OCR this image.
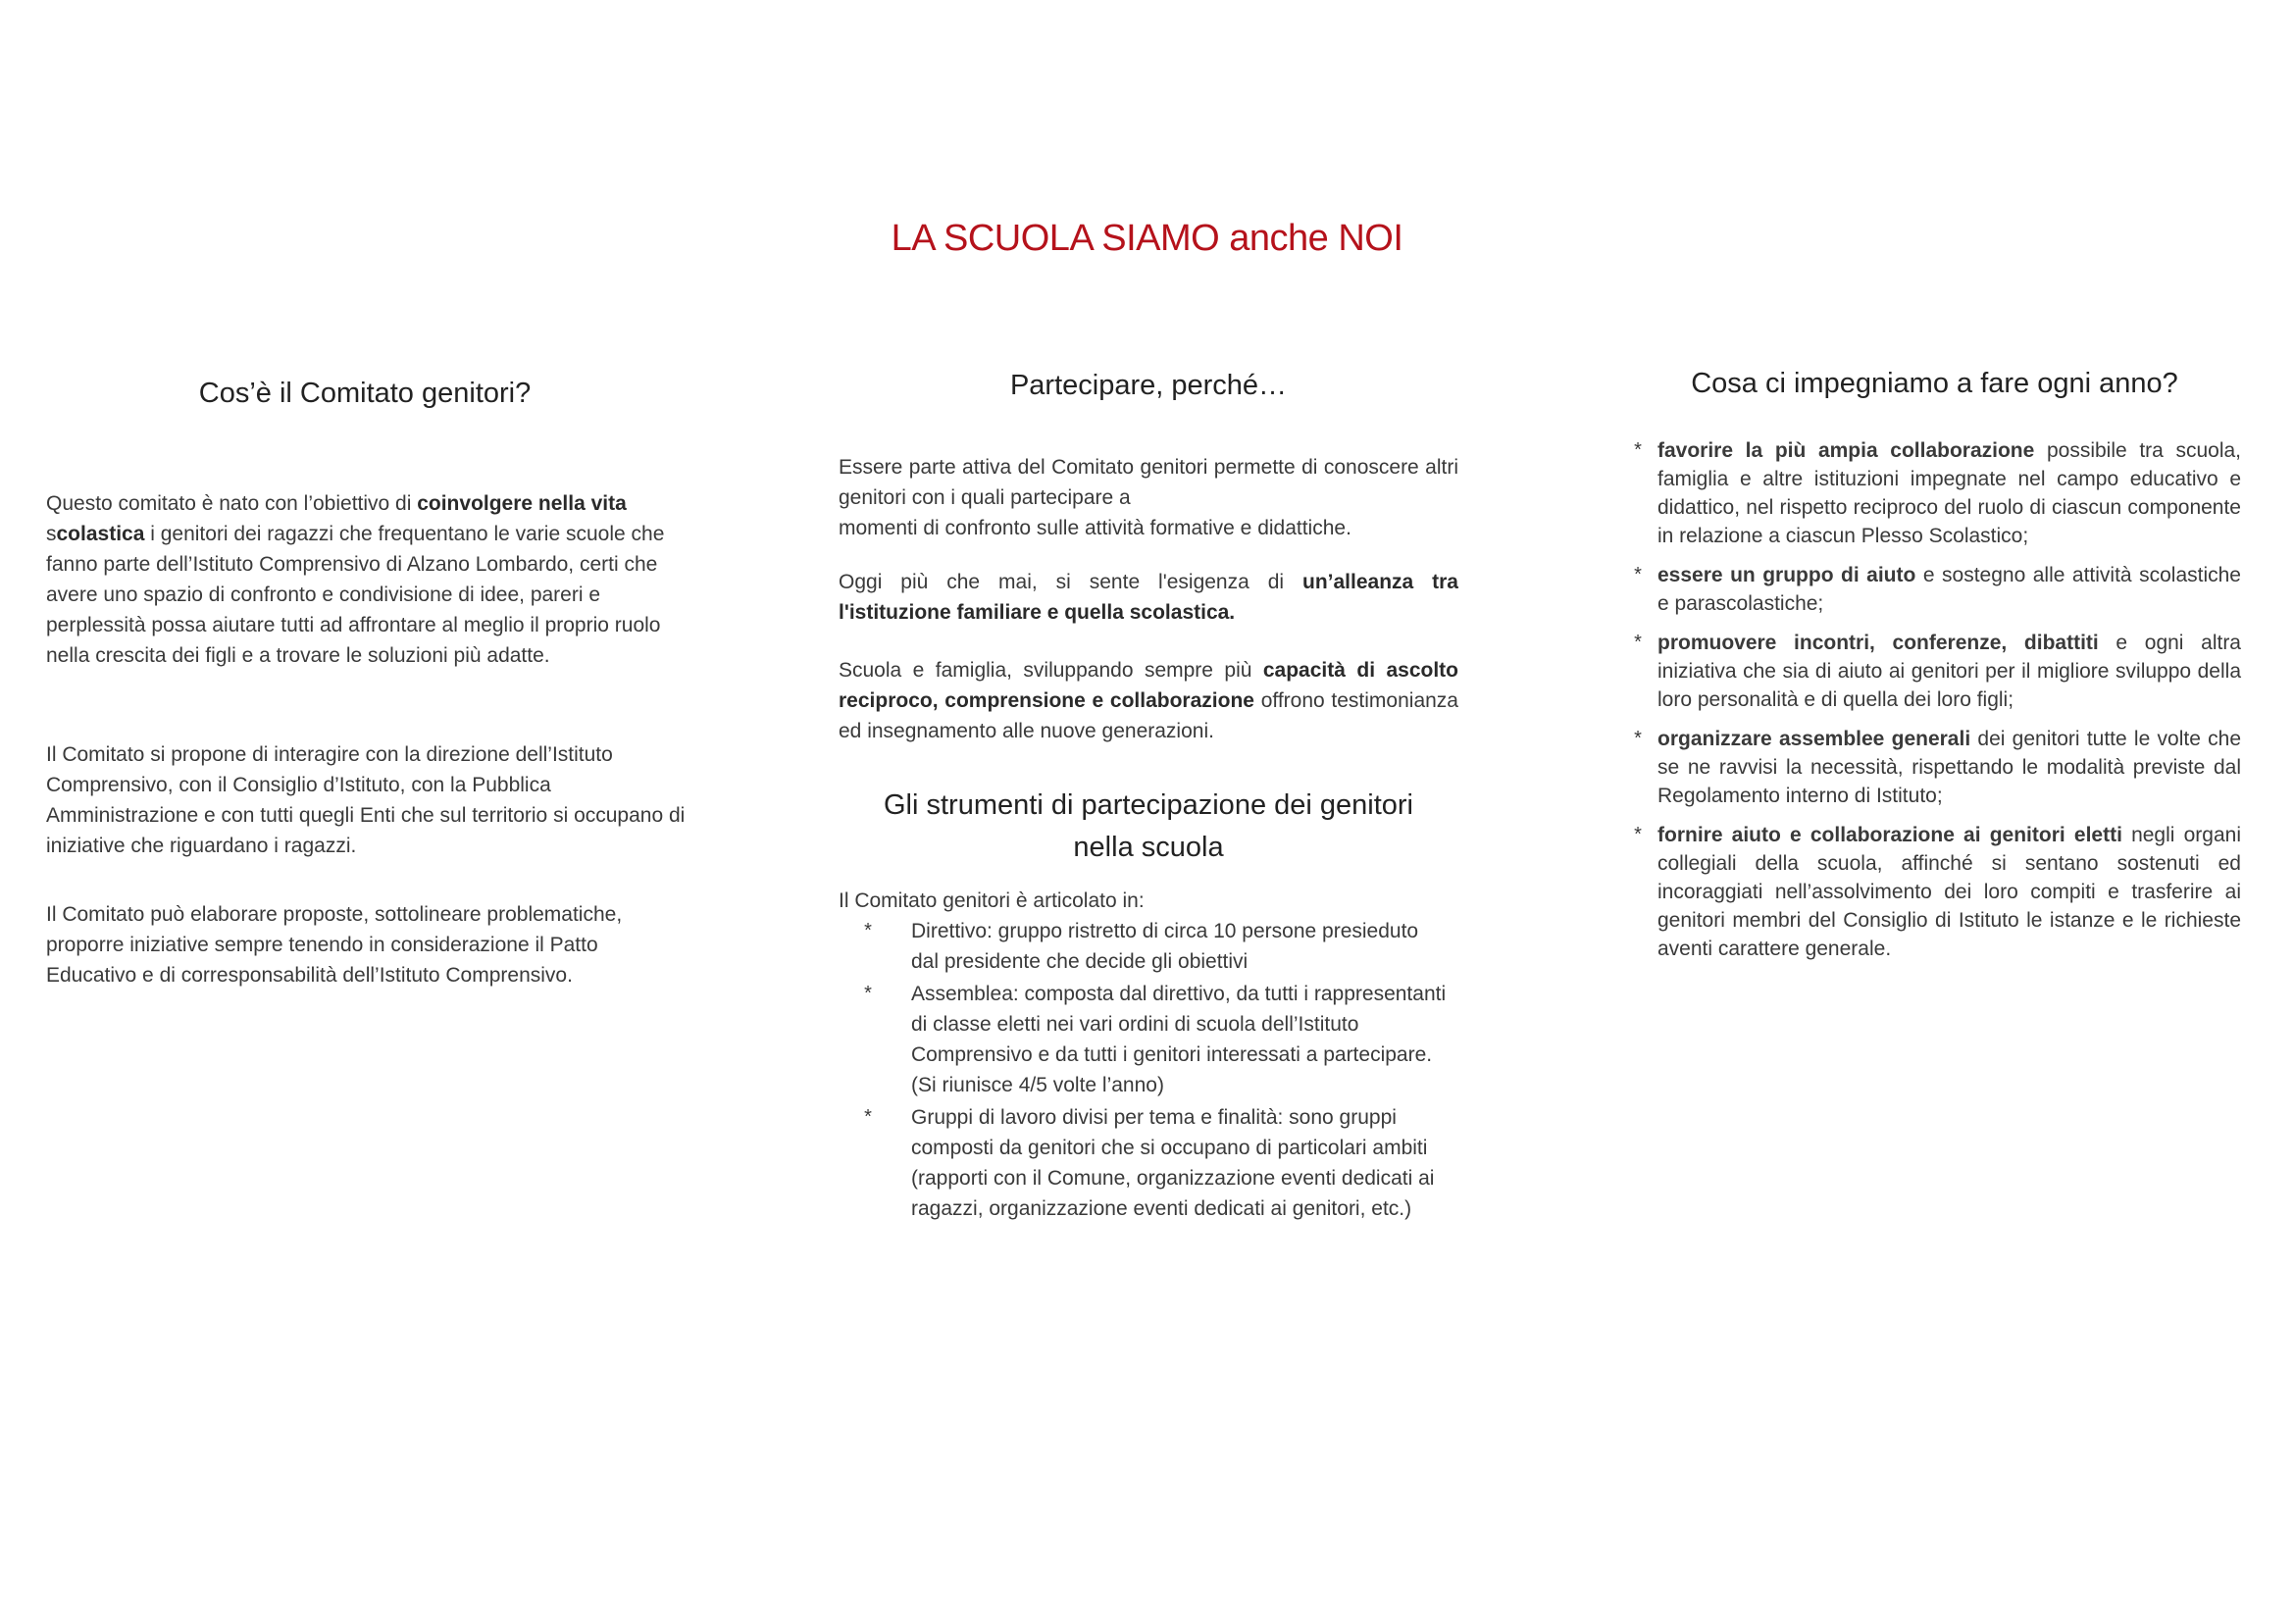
LA SCUOLA SIAMO anche NOI
Cos’è il Comitato genitori?

Questo comitato è nato con l’obiettivo di coinvolgere nella vita
scolastica i genitori dei ragazzi che frequentano le varie scuole che fanno parte dell’Istituto Comprensivo di Alzano Lombardo, certi che avere uno spazio di confronto e condivisione di idee, pareri e perplessità possa aiutare tutti ad affrontare al meglio il proprio ruolo nella crescita dei figli e a trovare le soluzioni più adatte.

Il Comitato si propone di interagire con la direzione dell’Istituto Comprensivo, con il Consiglio d’Istituto, con la Pubblica Amministrazione e con tutti quegli Enti che sul territorio si occupano di iniziative che riguardano i ragazzi.

Il Comitato può elaborare proposte, sottolineare problematiche, proporre iniziative sempre tenendo in considerazione il Patto Educativo e di corresponsabilità dell’Istituto Comprensivo.

Partecipare, perché…

Essere parte attiva del Comitato genitori permette di conoscere altri genitori con i quali partecipare a
momenti di confronto sulle attività formative e didattiche.

Oggi più che mai, si sente l'esigenza di un’alleanza tra l'istituzione familiare e quella scolastica.

Scuola e famiglia, sviluppando sempre più capacità di ascolto reciproco, comprensione e collaborazione offrono testimonianza ed insegnamento alle nuove generazioni.

Gli strumenti di partecipazione dei genitori
nella scuola

Il Comitato genitori è articolato in:

* Direttivo: gruppo ristretto di circa 10 persone presieduto dal presidente che decide gli obiettivi
* Assemblea: composta dal direttivo, da tutti i rappresentanti di classe eletti nei vari ordini di scuola dell’Istituto Comprensivo e da tutti i genitori interessati a partecipare. (Si riunisce 4/5 volte l’anno)
* Gruppi di lavoro divisi per tema e finalità: sono gruppi composti da genitori che si occupano di particolari ambiti (rapporti con il Comune, organizzazione eventi dedicati ai ragazzi, organizzazione eventi dedicati ai genitori, etc.)
Cosa ci impegniamo a fare ogni anno?
* favorire la più ampia collaborazione possibile tra scuola, famiglia e altre istituzioni impegnate nel campo educativo e didattico, nel rispetto reciproco del ruolo di ciascun componente in relazione a ciascun Plesso Scolastico;
* essere un gruppo di aiuto e sostegno alle attività scolastiche e parascolastiche;
* promuovere incontri, conferenze, dibattiti e ogni altra iniziativa che sia di aiuto ai genitori per il migliore sviluppo della loro personalità e di quella dei loro figli;
* organizzare assemblee generali dei genitori tutte le volte che se ne ravvisi la necessità, rispettando le modalità previste dal Regolamento interno di Istituto;
* fornire aiuto e collaborazione ai genitori eletti negli organi collegiali della scuola, affinché si sentano sostenuti ed incoraggiati nell’assolvimento dei loro compiti e trasferire ai genitori membri del Consiglio di Istituto le istanze e le richieste aventi carattere generale.
